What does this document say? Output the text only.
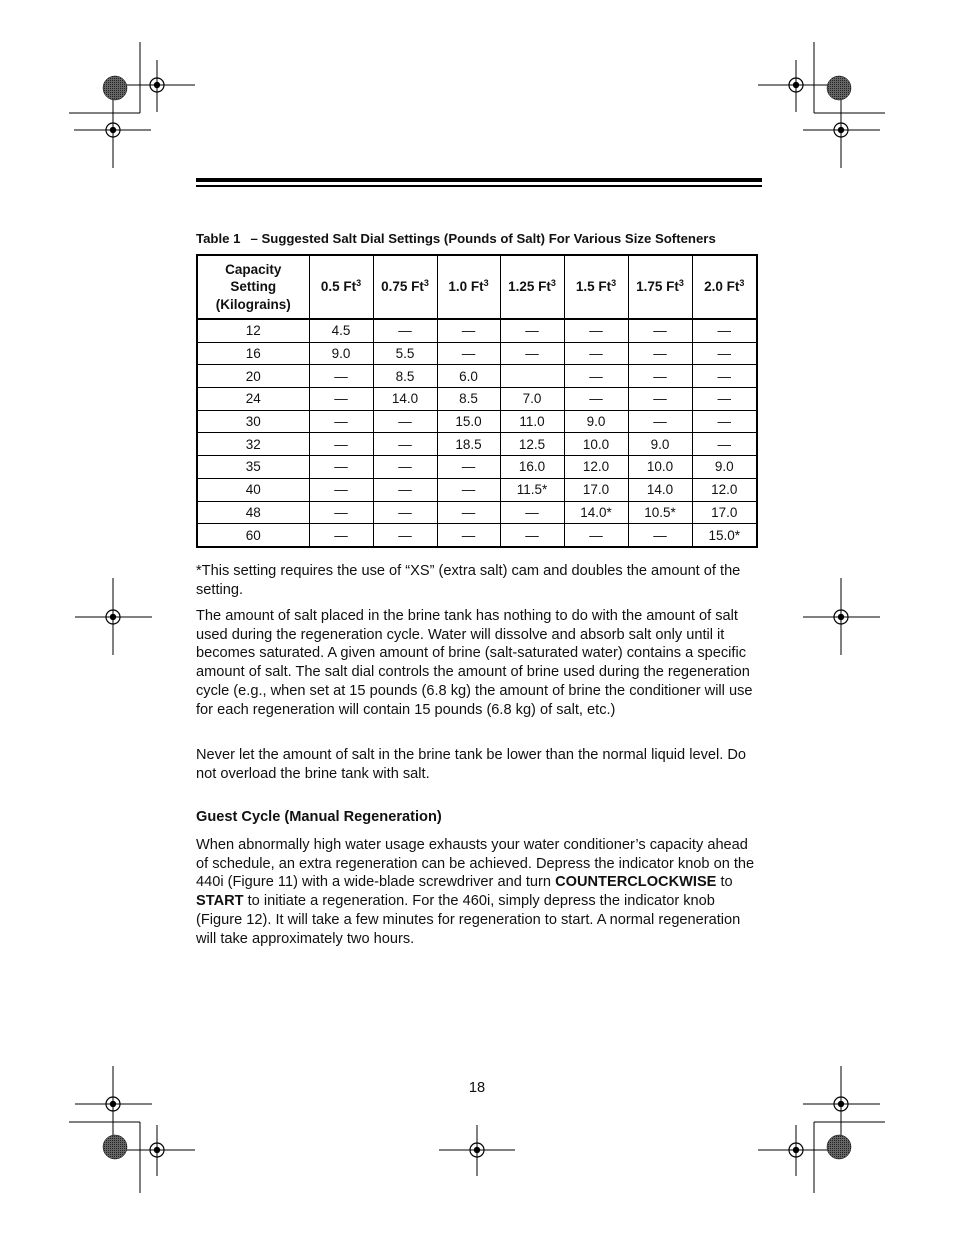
Table 1 – Suggested Salt Dial Settings (Pounds of Salt) For Various Size Softeners
Capacity
Setting
(Kilograins)	0.5 Ft$^3$	0.75 Ft$^3$	1.0 Ft$^3$	1.25 Ft$^3$	1.5 Ft$^3$	1.75 Ft$^3$	2.0 Ft$^3$
12	4.5	—	—	—	—	—	—
16	9.0	5.5	—	—	—	—	—
20	—	8.5	6.0		—	—	—
24	—	14.0	8.5	7.0	—	—	—
30	—	—	15.0	11.0	9.0	—	—
32	—	—	18.5	12.5	10.0	9.0	—
35	—	—	—	16.0	12.0	10.0	9.0
40	—	—	—	11.5*	17.0	14.0	12.0
48	—	—	—	—	14.0*	10.5*	17.0
60	—	—	—	—	—	—	15.0*

*This setting requires the use of “XS” (extra salt) cam and doubles the amount of the setting.

The amount of salt placed in the brine tank has nothing to do with the amount of salt used during the regeneration cycle. Water will dissolve and absorb salt only until it becomes saturated. A given amount of brine (salt-saturated water) contains a specific amount of salt. The salt dial controls the amount of brine used during the regeneration cycle (e.g., when set at 15 pounds (6.8 kg) the amount of brine the conditioner will use for each regeneration will contain 15 pounds (6.8 kg) of salt, etc.)

Never let the amount of salt in the brine tank be lower than the normal liquid level. Do not overload the brine tank with salt.

Guest Cycle (Manual Regeneration)

When abnormally high water usage exhausts your water conditioner’s capacity ahead of schedule, an extra regeneration can be achieved. Depress the indicator knob on the 440i (Figure 11) with a wide-blade screwdriver and turn COUNTERCLOCKWISE to START to initiate a regeneration. For the 460i, simply depress the indicator knob (Figure 12). It will take a few minutes for regeneration to start. A normal regeneration will take approximately two hours.

18
